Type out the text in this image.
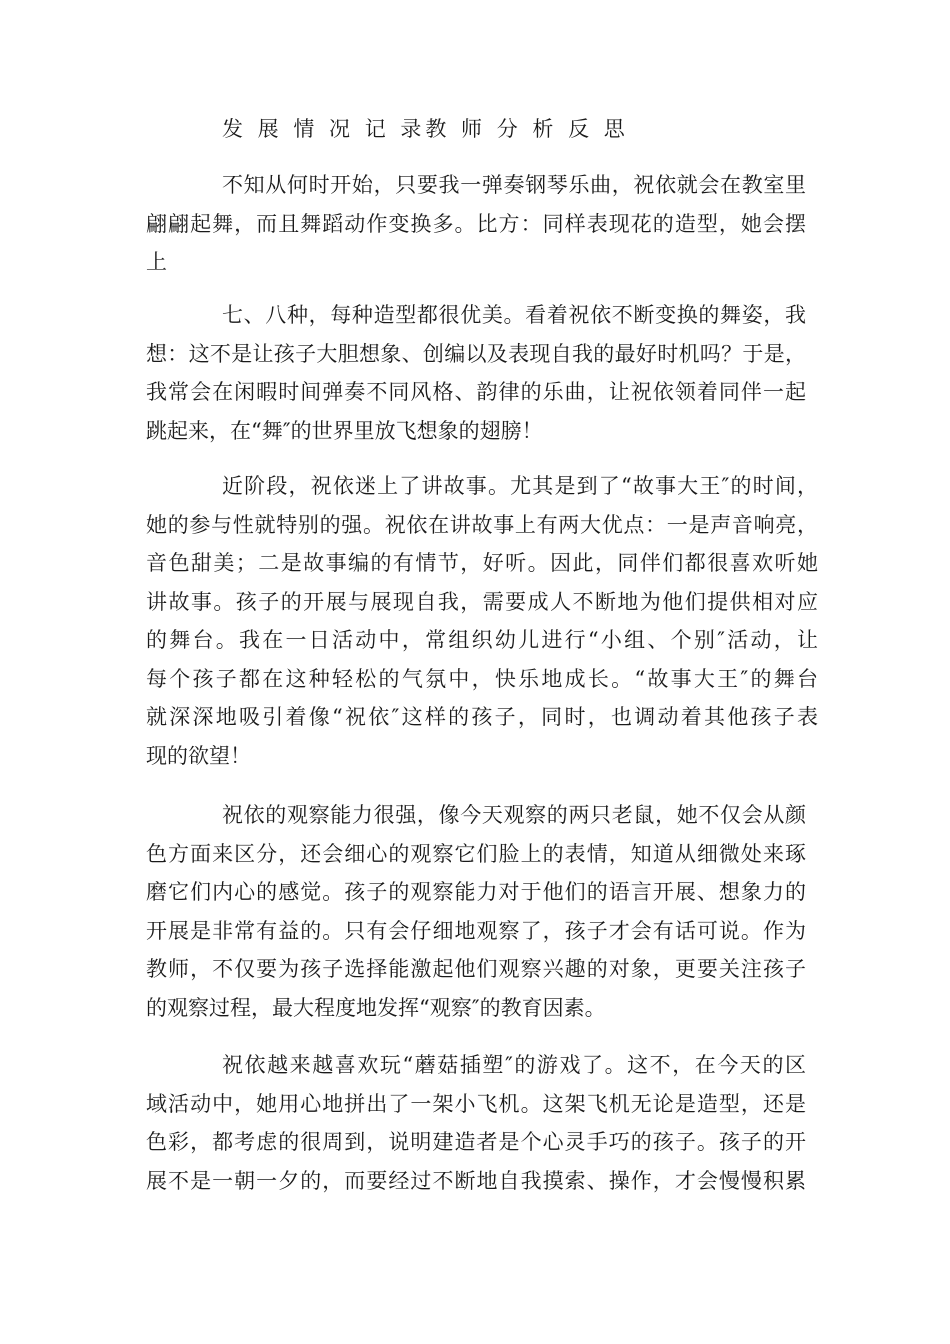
发 展 情 况 记 录教 师 分 析 反 思

不知从何时开始，只要我一弹奏钢琴乐曲，祝依就会在教室里
翩翩起舞，而且舞蹈动作变换多。比方：同样表现花的造型，她会摆
上

七、八种，每种造型都很优美。看着祝依不断变换的舞姿，我
想：这不是让孩子大胆想象、创编以及表现自我的最好时机吗？于是，
我常会在闲暇时间弹奏不同风格、韵律的乐曲，让祝依领着同伴一起
跳起来，在“舞″的世界里放飞想象的翅膀！

近阶段，祝依迷上了讲故事。尤其是到了“故事大王″的时间，
她的参与性就特别的强。祝依在讲故事上有两大优点：一是声音响亮，
音色甜美；二是故事编的有情节，好听。因此，同伴们都很喜欢听她
讲故事。孩子的开展与展现自我，需要成人不断地为他们提供相对应
的舞台。我在一日活动中，常组织幼儿进行“小组、个别″活动，让
每个孩子都在这种轻松的气氛中，快乐地成长。“故事大王″的舞台
就深深地吸引着像“祝依″这样的孩子，同时，也调动着其他孩子表
现的欲望！

祝依的观察能力很强，像今天观察的两只老鼠，她不仅会从颜
色方面来区分，还会细心的观察它们脸上的表情，知道从细微处来琢
磨它们内心的感觉。孩子的观察能力对于他们的语言开展、想象力的
开展是非常有益的。只有会仔细地观察了，孩子才会有话可说。作为
教师，不仅要为孩子选择能激起他们观察兴趣的对象，更要关注孩子
的观察过程，最大程度地发挥“观察″的教育因素。

祝依越来越喜欢玩“蘑菇插塑″的游戏了。这不，在今天的区
域活动中，她用心地拼出了一架小飞机。这架飞机无论是造型，还是
色彩，都考虑的很周到，说明建造者是个心灵手巧的孩子。孩子的开
展不是一朝一夕的，而要经过不断地自我摸索、操作，才会慢慢积累
